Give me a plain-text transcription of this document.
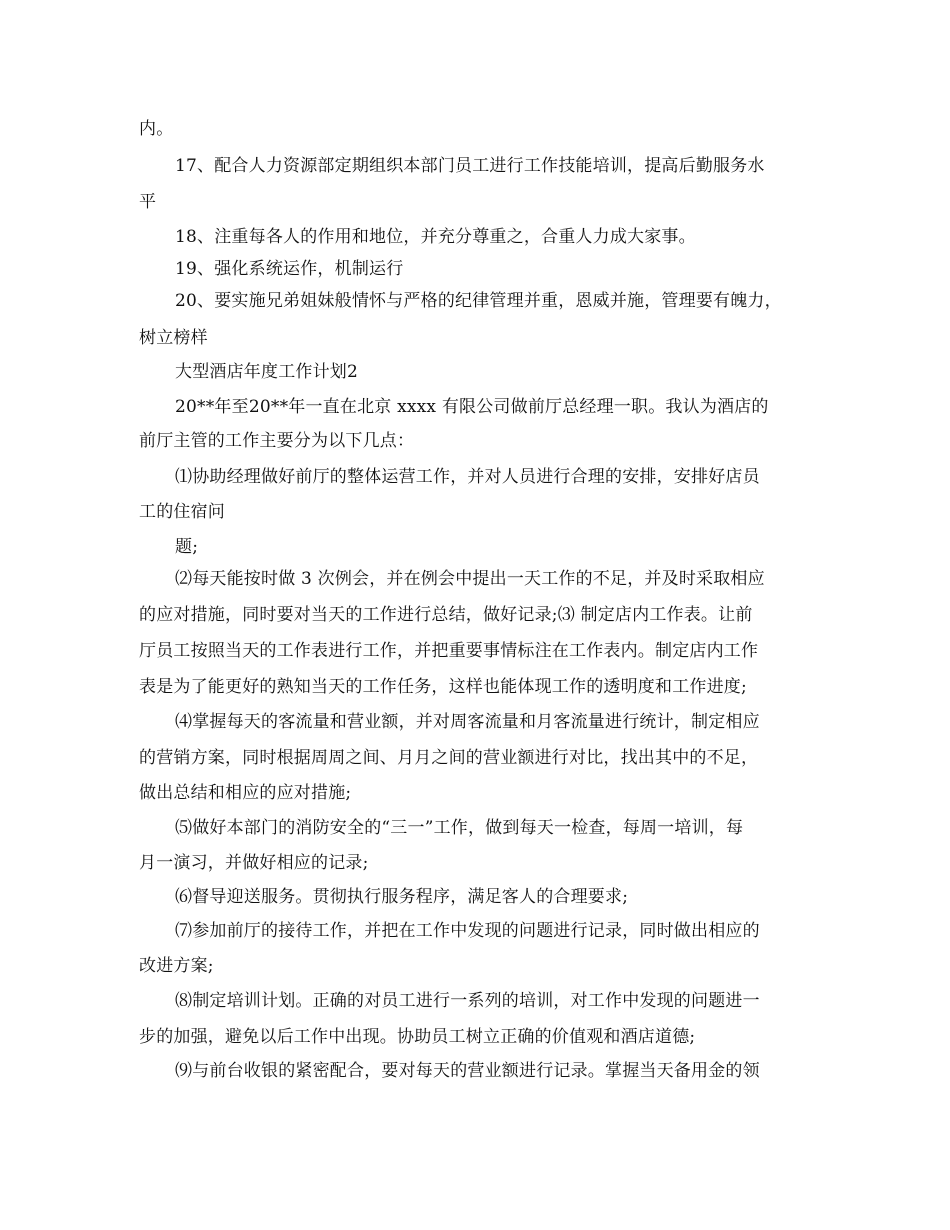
内。
17、配合人力资源部定期组织本部门员工进行工作技能培训，提高后勤服务水
平
18、注重每各人的作用和地位，并充分尊重之，合重人力成大家事。
19、强化系统运作，机制运行
20、要实施兄弟姐妹般情怀与严格的纪律管理并重，恩威并施，管理要有魄力，
树立榜样
大型酒店年度工作计划2
20**年至20**年一直在北京 xxxx 有限公司做前厅总经理一职。我认为酒店的
前厅主管的工作主要分为以下几点：
⑴协助经理做好前厅的整体运营工作，并对人员进行合理的安排，安排好店员
工的住宿问
题;
⑵每天能按时做 3 次例会，并在例会中提出一天工作的不足，并及时采取相应
的应对措施，同时要对当天的工作进行总结，做好记录;⑶ 制定店内工作表。让前
厅员工按照当天的工作表进行工作，并把重要事情标注在工作表内。制定店内工作
表是为了能更好的熟知当天的工作任务，这样也能体现工作的透明度和工作进度;
⑷掌握每天的客流量和营业额，并对周客流量和月客流量进行统计，制定相应
的营销方案，同时根据周周之间、月月之间的营业额进行对比，找出其中的不足，
做出总结和相应的应对措施;
⑸做好本部门的消防安全的“三一”工作，做到每天一检查，每周一培训，每
月一演习，并做好相应的记录;
⑹督导迎送服务。贯彻执行服务程序，满足客人的合理要求;
⑺参加前厅的接待工作，并把在工作中发现的问题进行记录，同时做出相应的
改进方案;
⑻制定培训计划。正确的对员工进行一系列的培训，对工作中发现的问题进一
步的加强，避免以后工作中出现。协助员工树立正确的价值观和酒店道德;
⑼与前台收银的紧密配合，要对每天的营业额进行记录。掌握当天备用金的领
